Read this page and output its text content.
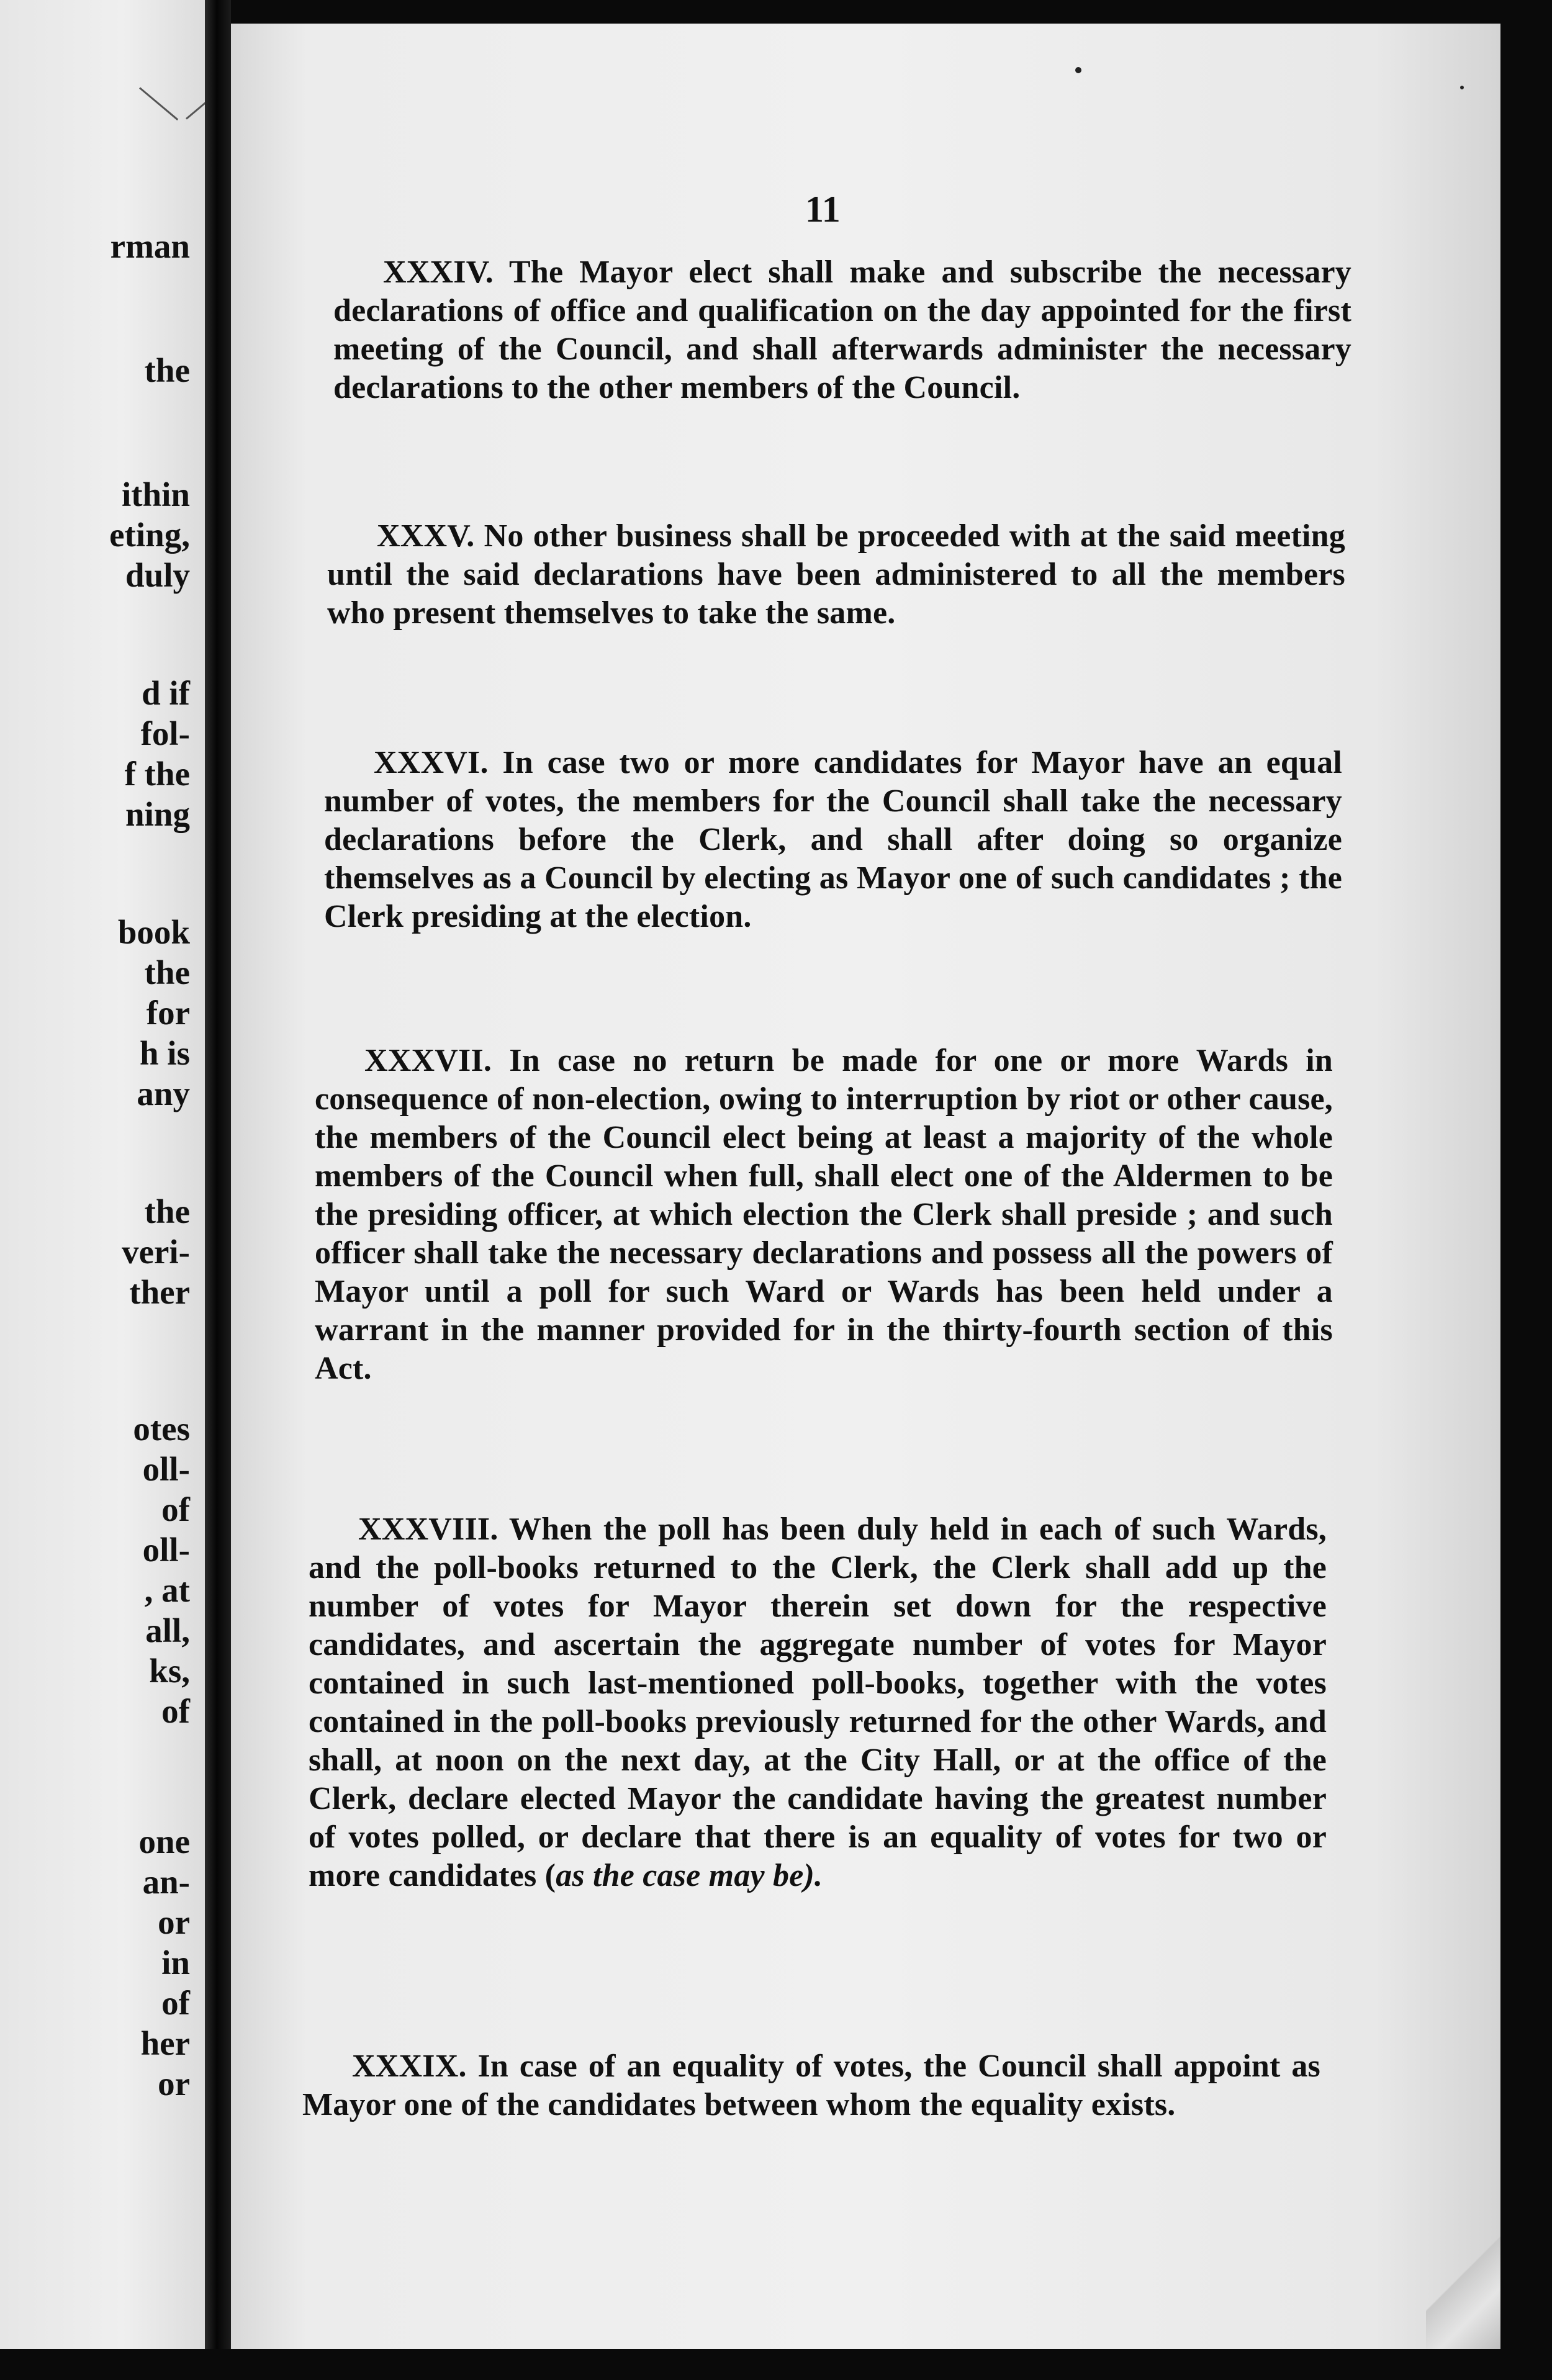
rman
the
ithin
eting,
duly
d if
fol-
f the
ning
book
the
for
h is
any
the
veri-
ther
otes
oll-
of
oll-
, at
all,
ks,
of
one
an-
or
in
of
her
or
11
XXXIV. The Mayor elect shall make and subscribe the necessary declarations of office and qualification on the day appointed for the first meeting of the Council, and shall afterwards administer the necessary declarations to the other members of the Council.
XXXV. No other business shall be proceeded with at the said meeting until the said declarations have been administered to all the members who present themselves to take the same.
XXXVI. In case two or more candidates for Mayor have an equal number of votes, the members for the Council shall take the necessary declarations before the Clerk, and shall after doing so organize themselves as a Council by electing as Mayor one of such candidates ; the Clerk presiding at the election.
XXXVII. In case no return be made for one or more Wards in consequence of non-election, owing to interruption by riot or other cause, the members of the Council elect being at least a majority of the whole members of the Council when full, shall elect one of the Aldermen to be the presiding officer, at which election the Clerk shall preside ; and such officer shall take the necessary declarations and possess all the powers of Mayor until a poll for such Ward or Wards has been held under a warrant in the manner provided for in the thirty-fourth section of this Act.
XXXVIII. When the poll has been duly held in each of such Wards, and the poll-books returned to the Clerk, the Clerk shall add up the number of votes for Mayor therein set down for the respective candidates, and ascertain the aggregate number of votes for Mayor contained in such last-mentioned poll-books, together with the votes contained in the poll-books previously returned for the other Wards, and shall, at noon on the next day, at the City Hall, or at the office of the Clerk, declare elected Mayor the candidate having the greatest number of votes polled, or declare that there is an equality of votes for two or more candidates (as the case may be).
XXXIX. In case of an equality of votes, the Council shall appoint as Mayor one of the candidates between whom the equality exists.
